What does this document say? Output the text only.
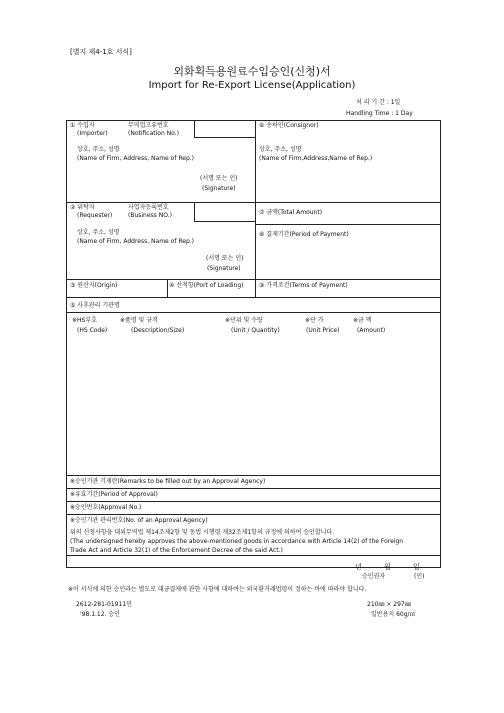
[별지 제4-1호 서식]
외화획득용원료수입승인(신청)서
Import for Re-Export License(Application)
처 리 기 간 : 1일
Handling Time : 1 Day
① 수입자
(Importer)
무역업고유번호
(Notification No.)
상호, 주소, 성명
(Name of Firm, Address, Name of Rep.)
(서명 또는 인)
(Signature)
⑥ 송하인(Consignor)
상호, 주소, 성명
(Name of Firm,Address,Name of Rep.)
② 위탁자
(Requester)
사업자등록번호
(Business NO.)
상호, 주소, 성명
(Name of Firm, Address, Name of Rep.)
(서명 또는 인)
(Signature)
⑦ 금액(Total Amount)
⑧ 결제기간(Period of Payment)
③ 원산지(Origin)	④ 선적항(Port of Loading)	⑨ 가격조건(Terms of Payment)
⑤ 사후관리 기관명
※HS부호
(HS Code)
※품명 및 규격
(Description/Size)
※단위 및 수량
(Unit / Quantity)
※단 가
(Unit Price)
※금 액
(Amount)
※승인기관 기재란(Remarks to be filled out by an Approval Agency)
※유효기간(Period of Approval)
※승인번호(Approval No.)
※승인기관 관리번호(No. of an Approval Agency)
위의 신청사항을 대외무역법 제14조제2항 및 동법 시행령 제32조제1항의 규정에 의하여 승인합니다.
(The undersigned hereby approves the above-mentioned goods in accordance with Article 14(2) of the Foreign
Trade Act and Article 32(1) of the Enforcement Decree of the said Act.)
년	월	일
승인권자	(인)
※이 서식에 의한 승인과는 별도로 대금결제에 관한 사항에 대하여는 외국환거래법령이 정하는 바에 따라야 합니다.
2612-281-01911민
'98.1.12. 승인
210㎜ × 297㎜
일반용지 60g/㎡
